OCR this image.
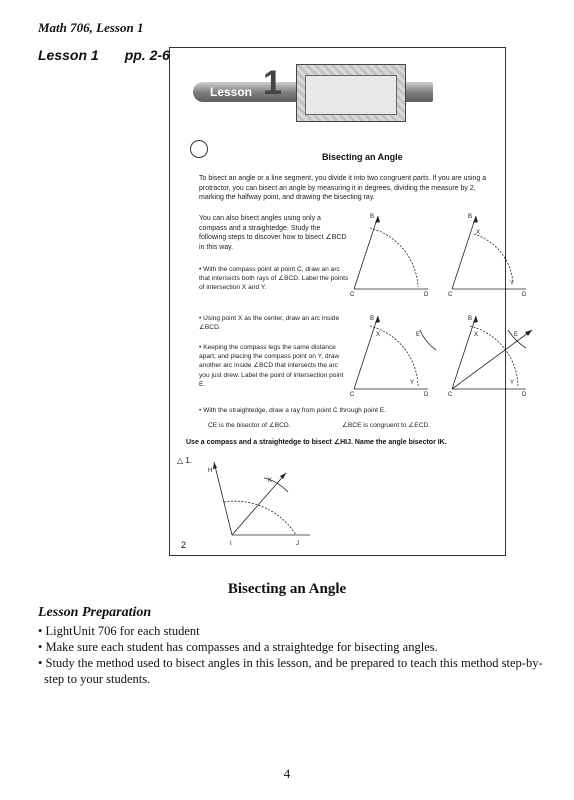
Math 706, Lesson 1
Lesson 1 pp. 2-6
Lesson 1
Bisecting an Angle
To bisect an angle or a line segment, you divide it into two congruent parts. If you are using a protractor, you can bisect an angle by measuring it in degrees, dividing the measure by 2, marking the halfway point, and drawing the bisecting ray.
You can also bisect angles using only a compass and a straightedge. Study the following steps to discover how to bisect ∠BCD in this way.
• With the compass point at point C, draw an arc that intersects both rays of ∠BCD. Label the points of intersection X and Y.
• Using point X as the center, draw an arc inside ∠BCD.
• Keeping the compass legs the same distance apart, and placing the compass point on Y, draw another arc inside ∠BCD that intersects the arc you just drew. Label the point of intersection point E.
• With the straightedge, draw a ray from point C through point E.
CE is the bisector of ∠BCD.	∠BCE is congruent to ∠ECD.
Use a compass and a straightedge to bisect ∠HIJ. Name the angle bisector IK.
△ 1.
2
B
C	D
B
X
C
Y
D
B
X	E
C
Y
D
B
X	E
C
Y
D
H
K
I	J
Bisecting an Angle
Lesson Preparation
• LightUnit 706 for each student
• Make sure each student has compasses and a straightedge for bisecting angles.
• Study the method used to bisect angles in this lesson, and be prepared to teach this method step-by-step to your students.
4
